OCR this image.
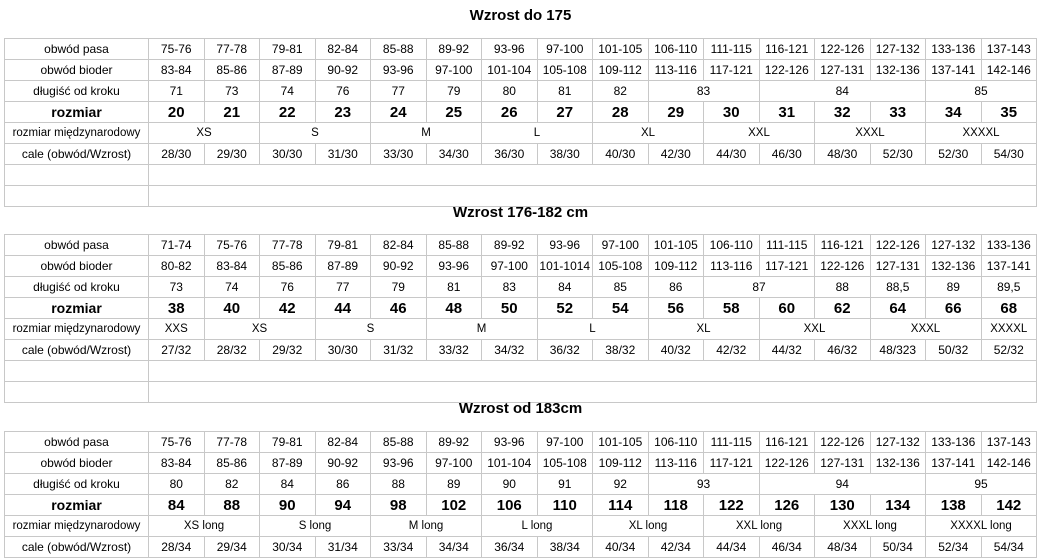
Wzrost do 175
obwód pasa	75-76	77-78	79-81	82-84	85-88	89-92	93-96	97-100	101-105	106-110	111-115	116-121	122-126	127-132	133-136	137-143
obwód bioder	83-84	85-86	87-89	90-92	93-96	97-100	101-104	105-108	109-112	113-116	117-121	122-126	127-131	132-136	137-141	142-146
długiść od kroku	71	73	74	76	77	79	80	81	82	83		84			85	
rozmiar	20	21	22	23	24	25	26	27	28	29	30	31	32	33	34	35
rozmiar międzynarodowy	XS		S		M		L		XL		XXL		XXXL		XXXXL	
cale (obwód/Wzrost)	28/30	29/30	30/30	31/30	33/30	34/30	36/30	38/30	40/30	42/30	44/30	46/30	48/30	52/30	52/30	54/30

Wzrost 176-182 cm
obwód pasa	71-74	75-76	77-78	79-81	82-84	85-88	89-92	93-96	97-100	101-105	106-110	111-115	116-121	122-126	127-132	133-136
obwód bioder	80-82	83-84	85-86	87-89	90-92	93-96	97-100	101-1014	105-108	109-112	113-116	117-121	122-126	127-131	132-136	137-141
długiść od kroku	73	74	76	77	79	81	83	84	85	86	87		88	88,5	89	89,5
rozmiar	38	40	42	44	46	48	50	52	54	56	58	60	62	64	66	68
rozmiar międzynarodowy	XXS	XS		S		M		L		XL		XXL		XXXL		XXXXL
cale (obwód/Wzrost)	27/32	28/32	29/32	30/30	31/32	33/32	34/32	36/32	38/32	40/32	42/32	44/32	46/32	48/323	50/32	52/32

Wzrost od 183cm
obwód pasa	75-76	77-78	79-81	82-84	85-88	89-92	93-96	97-100	101-105	106-110	111-115	116-121	122-126	127-132	133-136	137-143
obwód bioder	83-84	85-86	87-89	90-92	93-96	97-100	101-104	105-108	109-112	113-116	117-121	122-126	127-131	132-136	137-141	142-146
długiść od kroku	80	82	84	86	88	89	90	91	92	93		94			95	
rozmiar	84	88	90	94	98	102	106	110	114	118	122	126	130	134	138	142
rozmiar międzynarodowy	XS long		S long		M long		L long		XL long		XXL long		XXXL long		XXXXL long	
cale (obwód/Wzrost)	28/34	29/34	30/34	31/34	33/34	34/34	36/34	38/34	40/34	42/34	44/34	46/34	48/34	50/34	52/34	54/34
